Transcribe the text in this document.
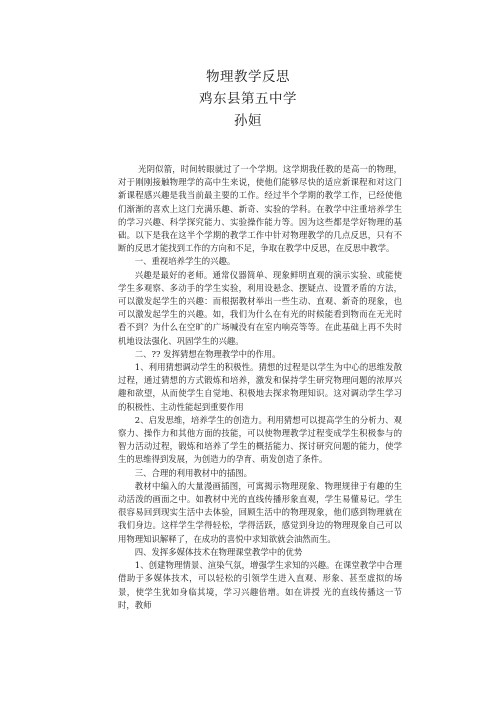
物理教学反思

鸡东县第五中学

孙姮

光阴似箭，时间转眼就过了一个学期。这学期我任教的是高一的物理，对于刚刚接触物理学的高中生来说，使他们能够尽快的适应新课程和对这门新课程感兴趣是我当前最主要的工作。经过半个学期的教学工作，已经使他们渐渐的喜欢上这门充满乐趣、新奇、实验的学科。在教学中注重培养学生的学习兴趣、科学探究能力、实验操作能力等。因为这些都是学好物理的基础。以下是我在这半个学期的教学工作中针对物理教学的几点反思，只有不断的反思才能找到工作的方向和不足，争取在教学中反思，在反思中教学。

一、重视培养学生的兴趣。

兴趣是最好的老师。通常仪器简单、现象鲜明直观的演示实验、或能使学生多观察、多动手的学生实验，利用设悬念、摆疑点、设置矛盾的方法，可以激发起学生的兴趣：而根据教材举出一些生动、直观、新奇的现象，也可以激发起学生的兴趣。如，我们为什么在有光的时候能看到物而在无光时看不到？为什么在空旷的广场喊没有在室内响亮等等。在此基础上再不失时机地设法强化、巩固学生的兴趣。

二、?? 发挥猜想在物理教学中的作用。

1、利用猜想调动学生的积极性。猜想的过程是以学生为中心的思维发散过程，通过猜想的方式锻炼和培养，激发和保持学生研究物理问题的浓厚兴趣和欲望，从而使学生自觉地、积极地去探求物理知识。这对调动学生学习的积极性、主动性能起到重要作用

2、启发思维，培养学生的创造力。利用猜想可以提高学生的分析力、观察力、操作力和其他方面的技能，可以使物理教学过程变成学生积极参与的智力活动过程，锻炼和培养了学生的概括能力、探讨研究问题的能力，使学生的思维得到发展，为创造力的孕育、萌发创造了条件。

三、合理的利用教材中的插图。

教材中编入的大量漫画插图，可寓揭示物理现象、物理规律于有趣的生动活泼的画面之中。如教材中光的直线传播形象直观，学生易懂易记。学生很容易回到现实生活中去体验，回顾生活中的物理现象，他们感到物理就在我们身边。这样学生学得轻松，学得活跃，感觉到身边的物理现象自己可以用物理知识解释了，在成功的喜悦中求知欲就会油然而生。

四、发挥多媒体技术在物理课堂教学中的优势

1、创建物理情景、渲染气氛，增强学生求知的兴趣。在课堂教学中合理借助于多媒体技术，可以轻松的引领学生进入直观、形象、甚至虚拟的场景，使学生犹如身临其境，学习兴趣倍增。如在讲授 光的直线传播这一节时，教师
